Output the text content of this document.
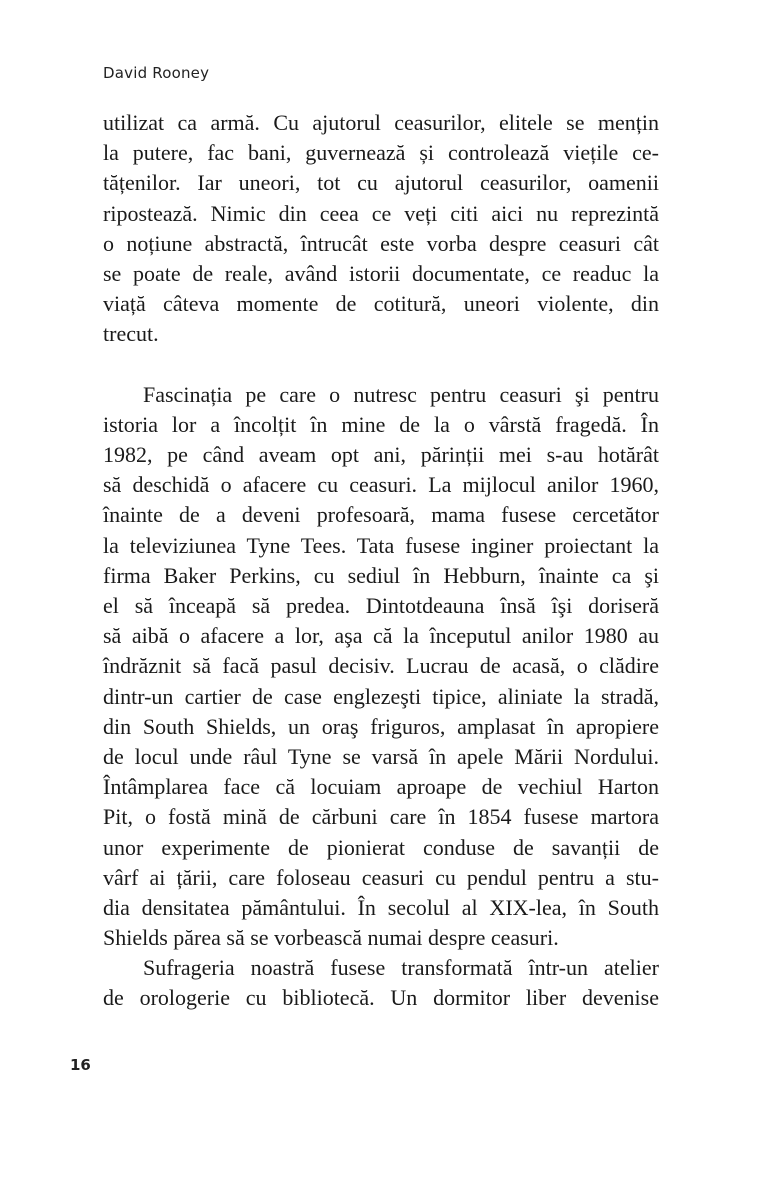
David Rooney
utilizat ca armă. Cu ajutorul ceasurilor, elitele se mențin
la putere, fac bani, guvernează și controlează viețile ce-
tățenilor. Iar uneori, tot cu ajutorul ceasurilor, oamenii
ripostează. Nimic din ceea ce veți citi aici nu reprezintă
o noțiune abstractă, întrucât este vorba despre ceasuri cât
se poate de reale, având istorii documentate, ce readuc la
viață câteva momente de cotitură, uneori violente, din
trecut.
Fascinația pe care o nutresc pentru ceasuri şi pentru
istoria lor a încolțit în mine de la o vârstă fragedă. În
1982, pe când aveam opt ani, părinții mei s-au hotărât
să deschidă o afacere cu ceasuri. La mijlocul anilor 1960,
înainte de a deveni profesoară, mama fusese cercetător
la televiziunea Tyne Tees. Tata fusese inginer proiectant la
firma Baker Perkins, cu sediul în Hebburn, înainte ca şi
el să înceapă să predea. Dintotdeauna însă îşi doriseră
să aibă o afacere a lor, aşa că la începutul anilor 1980 au
îndrăznit să facă pasul decisiv. Lucrau de acasă, o clădire
dintr-un cartier de case englezeşti tipice, aliniate la stradă,
din South Shields, un oraş friguros, amplasat în apropiere
de locul unde râul Tyne se varsă în apele Mării Nordului.
Întâmplarea face că locuiam aproape de vechiul Harton
Pit, o fostă mină de cărbuni care în 1854 fusese martora
unor experimente de pionierat conduse de savanții de
vârf ai țării, care foloseau ceasuri cu pendul pentru a stu-
dia densitatea pământului. În secolul al XIX-lea, în South
Shields părea să se vorbească numai despre ceasuri.
Sufrageria noastră fusese transformată într-un atelier
de orologerie cu bibliotecă. Un dormitor liber devenise
16
